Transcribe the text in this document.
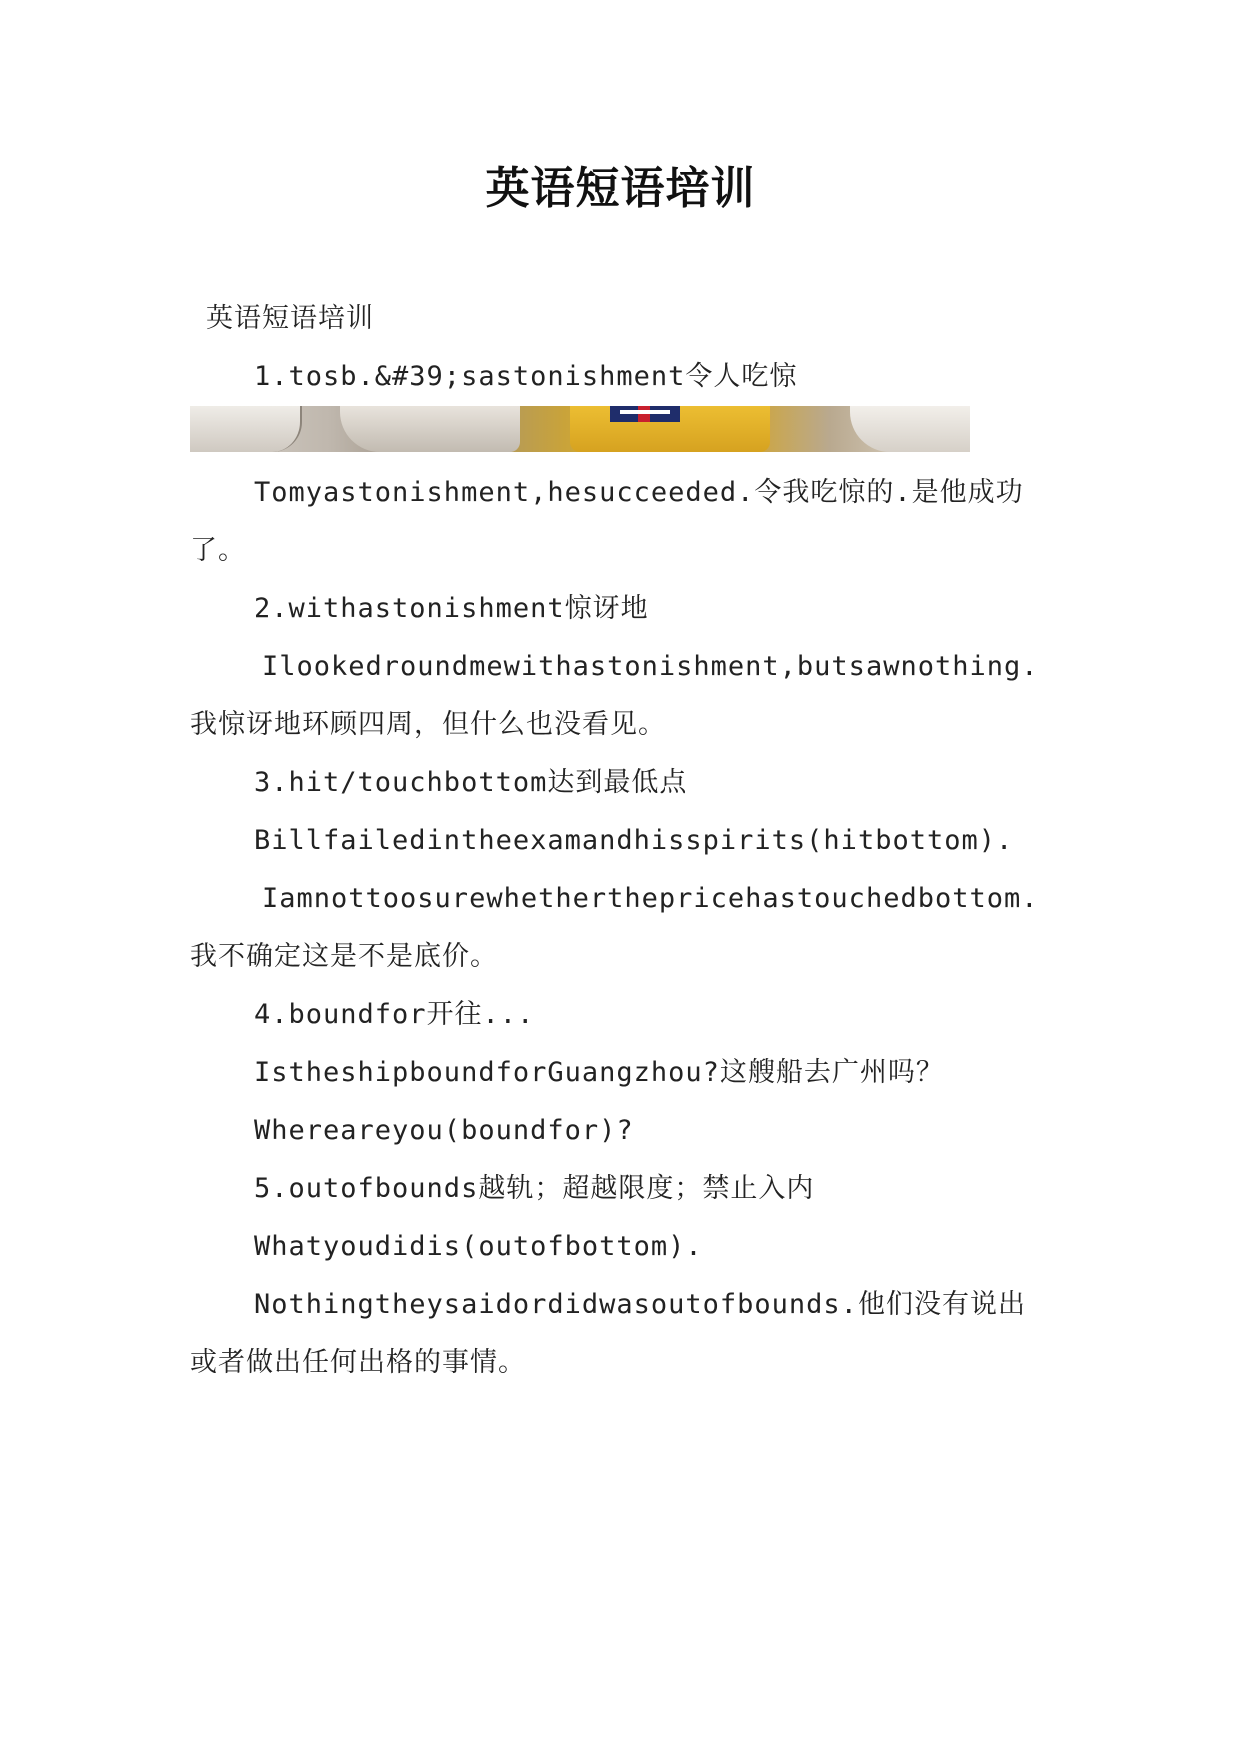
英语短语培训

英语短语培训

1.tosb.&#39;sastonishment令人吃惊

Tomyastonishment,hesucceeded.令我吃惊的.是他成功了。

2.withastonishment惊讶地

Ilookedroundmewithastonishment,butsawnothing.我惊讶地环顾四周，但什么也没看见。

3.hit/touchbottom达到最低点

Billfailedintheexamandhisspirits(hitbottom).

Iamnottoosurewhetherthepricehastouchedbottom.我不确定这是不是底价。

4.boundfor开往...

IstheshipboundforGuangzhou?这艘船去广州吗？

Whereareyou(boundfor)?

5.outofbounds越轨；超越限度；禁止入内

Whatyoudidis(outofbottom).

Nothingtheysaidordidwasoutofbounds.他们没有说出或者做出任何出格的事情。
